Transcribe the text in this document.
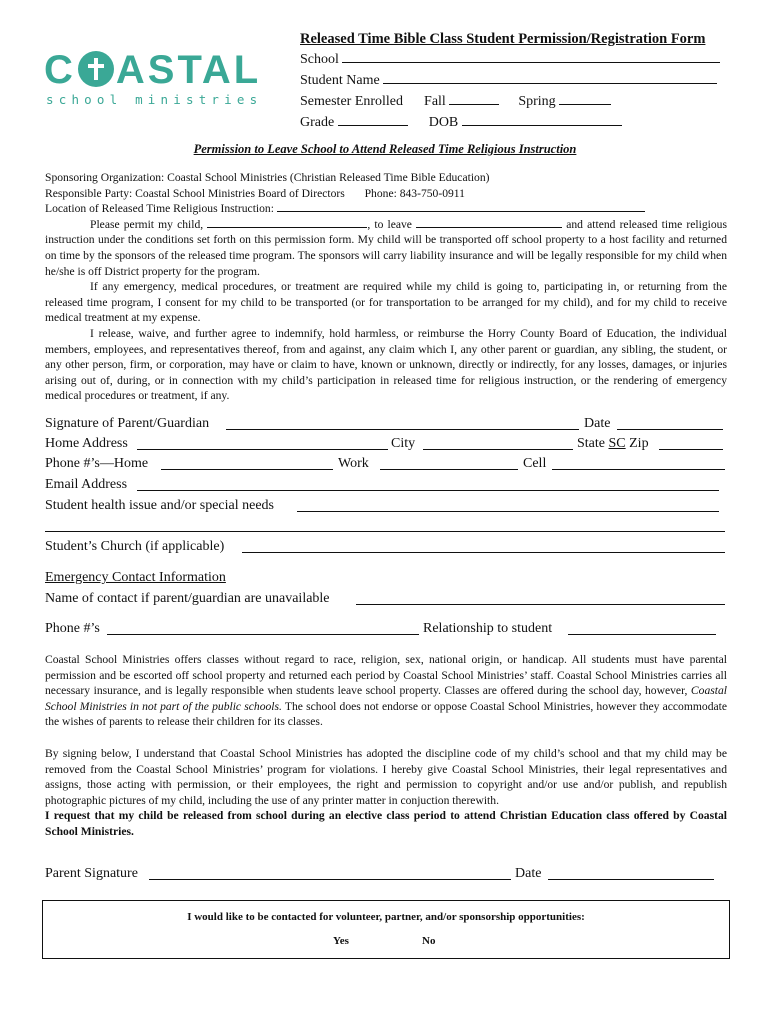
C ASTAL
school ministries
Released Time Bible Class Student Permission/Registration Form
School
Student Name
Semester Enrolled Fall	Spring
Grade	DOB
Permission to Leave School to Attend Released Time Religious Instruction

Sponsoring Organization: Coastal School Ministries (Christian Released Time Bible Education)

Responsible Party: Coastal School Ministries Board of Directors Phone: 843-750-0911

Location of Released Time Religious Instruction:

Please permit my child,	, to leave	and attend released time religious instruction under the conditions set forth on this permission form. My child will be transported off school property to a host facility and returned on time by the sponsors of the released time program. The sponsors will carry liability insurance and will be legally responsible for my child when he/she is off District property for the program.

If any emergency, medical procedures, or treatment are required while my child is going to, participating in, or returning from the released time program, I consent for my child to be transported (or for transportation to be arranged for my child), and for my child to receive medical treatment at my expense.

I release, waive, and further agree to indemnify, hold harmless, or reimburse the Horry County Board of Education, the individual members, employees, and representatives thereof, from and against, any claim which I, any other parent or guardian, any sibling, the student, or any other person, firm, or corporation, may have or claim to have, known or unknown, directly or indirectly, for any losses, damages, or injuries arising out of, during, or in connection with my child’s participation in released time for religious instruction, or the rendering of emergency medical procedures or treatment, if any.

Signature of Parent/Guardian	Date
Home Address	City	State SC Zip
Phone #’s—Home	Work	Cell
Email Address
Student health issue and/or special needs
Student’s Church (if applicable)
Emergency Contact Information
Name of contact if parent/guardian are unavailable
Phone #’s	Relationship to student

Coastal School Ministries offers classes without regard to race, religion, sex, national origin, or handicap. All students must have parental permission and be escorted off school property and returned each period by Coastal School Ministries’ staff. Coastal School Ministries carries all necessary insurance, and is legally responsible when students leave school property. Classes are offered during the school day, however, Coastal School Ministries in not part of the public schools. The school does not endorse or oppose Coastal School Ministries, however they accommodate the wishes of parents to release their children for its classes.

By signing below, I understand that Coastal School Ministries has adopted the discipline code of my child’s school and that my child may be removed from the Coastal School Ministries’ program for violations. I hereby give Coastal School Ministries, their legal representatives and assigns, those acting with permission, or their employees, the right and permission to copyright and/or use and/or publish, and republish photographic pictures of my child, including the use of any printer matter in conjuction therewith.
I request that my child be released from school during an elective class period to attend Christian Education class offered by Coastal School Ministries.

Parent Signature	Date
I would like to be contacted for volunteer, partner, and/or sponsorship opportunities:
Yes	No
